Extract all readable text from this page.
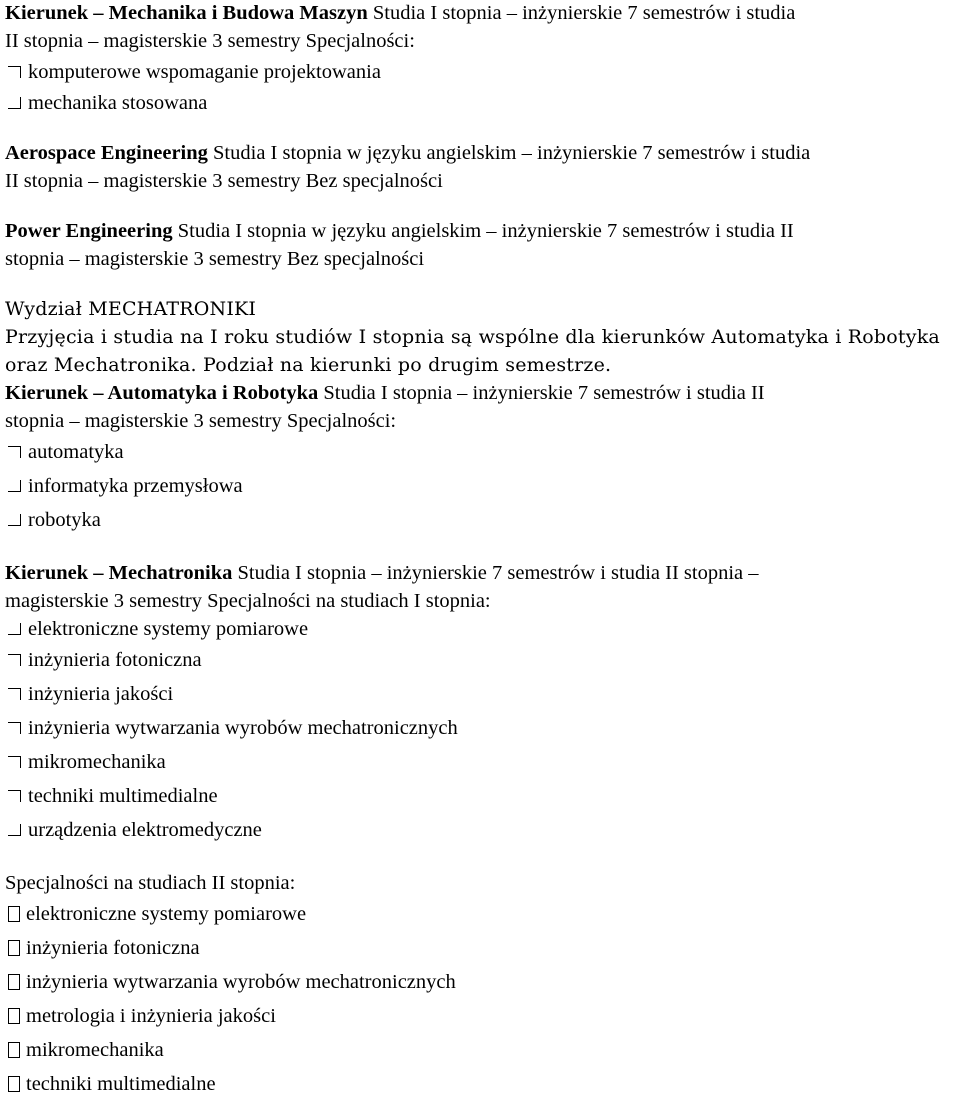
Kierunek – Mechanika i Budowa Maszyn Studia I stopnia – inżynierskie 7 semestrów i studia

II stopnia – magisterskie 3 semestry Specjalności:

komputerowe wspomaganie projektowania
mechanika stosowana

Aerospace Engineering Studia I stopnia w języku angielskim – inżynierskie 7 semestrów i studia

II stopnia – magisterskie 3 semestry Bez specjalności

Power Engineering Studia I stopnia w języku angielskim – inżynierskie 7 semestrów i studia II

stopnia – magisterskie 3 semestry Bez specjalności

Wydział MECHATRONIKI

Przyjęcia i studia na I roku studiów I stopnia są wspólne dla kierunków Automatyka i Robotyka

oraz Mechatronika. Podział na kierunki po drugim semestrze.

Kierunek – Automatyka i Robotyka Studia I stopnia – inżynierskie 7 semestrów i studia II

stopnia – magisterskie 3 semestry Specjalności:

automatyka
informatyka przemysłowa
robotyka

Kierunek – Mechatronika Studia I stopnia – inżynierskie 7 semestrów i studia II stopnia –

magisterskie 3 semestry Specjalności na studiach I stopnia:

elektroniczne systemy pomiarowe
inżynieria fotoniczna
inżynieria jakości
inżynieria wytwarzania wyrobów mechatronicznych
mikromechanika
techniki multimedialne
urządzenia elektromedyczne

Specjalności na studiach II stopnia:

elektroniczne systemy pomiarowe
inżynieria fotoniczna
inżynieria wytwarzania wyrobów mechatronicznych
metrologia i inżynieria jakości
mikromechanika
techniki multimedialne
